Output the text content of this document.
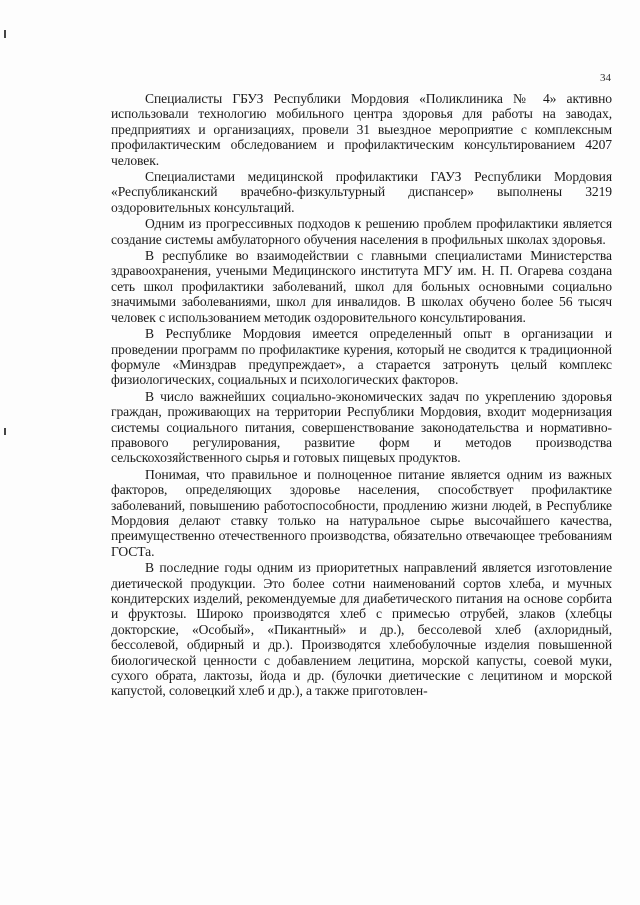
34

Специалисты ГБУЗ Республики Мордовия «Поликлиника № 4» активно использовали технологию мобильного центра здоровья для работы на заводах, предприятиях и организациях, провели 31 выездное мероприятие с комплексным профилактическим обследованием и профилактическим консультированием 4207 человек.

Специалистами медицинской профилактики ГАУЗ Республики Мордовия «Республиканский врачебно-физкультурный диспансер» выполнены 3219 оздоровительных консультаций.

Одним из прогрессивных подходов к решению проблем профилактики является создание системы амбулаторного обучения населения в профильных школах здоровья.

В республике во взаимодействии с главными специалистами Министерства здравоохранения, учеными Медицинского института МГУ им. Н. П. Огарева создана сеть школ профилактики заболеваний, школ для больных основными социально значимыми заболеваниями, школ для инвалидов. В школах обучено более 56 тысяч человек с использованием методик оздоровительного консультирования.

В Республике Мордовия имеется определенный опыт в организации и проведении программ по профилактике курения, который не сводится к традиционной формуле «Минздрав предупреждает», а старается затронуть целый комплекс физиологических, социальных и психологических факторов.

В число важнейших социально-экономических задач по укреплению здоровья граждан, проживающих на территории Республики Мордовия, входит модернизация системы социального питания, совершенствование законодательства и нормативно-правового регулирования, развитие форм и методов производства сельскохозяйственного сырья и готовых пищевых продуктов.

Понимая, что правильное и полноценное питание является одним из важных факторов, определяющих здоровье населения, способствует профилактике заболеваний, повышению работоспособности, продлению жизни людей, в Республике Мордовия делают ставку только на натуральное сырье высочайшего качества, преимущественно отечественного производства, обязательно отвечающее требованиям ГОСТа.

В последние годы одним из приоритетных направлений является изготовление диетической продукции. Это более сотни наименований сортов хлеба, и мучных кондитерских изделий, рекомендуемые для диабетического питания на основе сорбита и фруктозы. Широко производятся хлеб с примесью отрубей, злаков (хлебцы докторские, «Особый», «Пикантный» и др.), бессолевой хлеб (ахлоридный, бессолевой, обдирный и др.). Производятся хлебобулочные изделия повышенной биологической ценности с добавлением лецитина, морской капусты, соевой муки, сухого обрата, лактозы, йода и др. (булочки диетические с лецитином и морской капустой, соловецкий хлеб и др.), а также приготовлен-
